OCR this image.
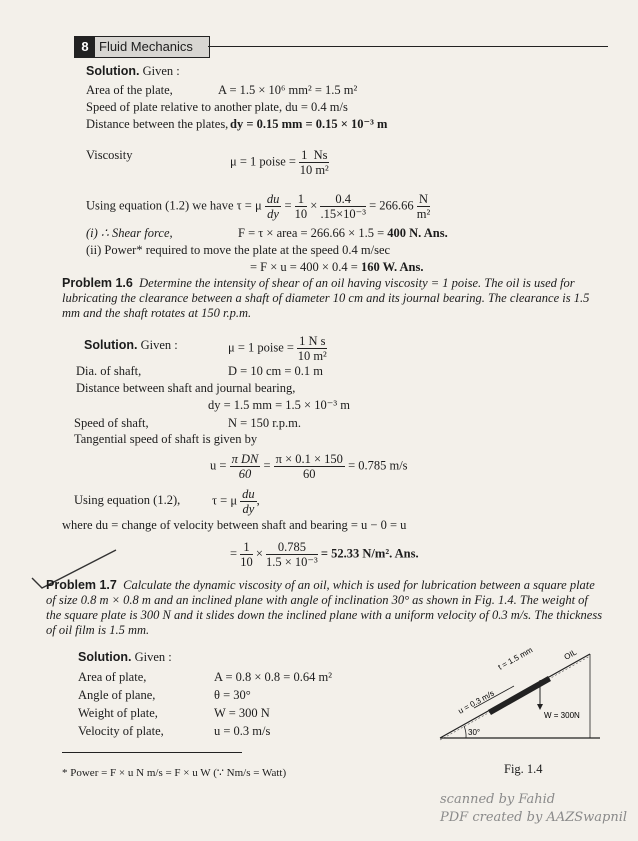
8 Fluid Mechanics
Solution. Given :
Area of the plate,	A = 1.5 × 10⁶ mm² = 1.5 m²
Speed of plate relative to another plate, du = 0.4 m/s
Distance between the plates, dy = 0.15 mm = 0.15 × 10⁻³ m
Viscosity	μ = 1 poise = $\frac{1 Ns}{\text{10 m²}}$
Using equation (1.2) we have τ = μ $\frac{du}{dy} = \frac{1}{10} \times \frac{0.4}{\text{.15×10⁻³}} = 266.66 \frac{N}{\text{m²}}$
(i) ∴ Shear force,	F = τ × area = 266.66 × 1.5 = 400 N. Ans.
(ii) Power* required to move the plate at the speed 0.4 m/sec
= F × u = 400 × 0.4 = 160 W. Ans.
Problem 1.6 Determine the intensity of shear of an oil having viscosity = 1 poise. The oil is used for lubricating the clearance between a shaft of diameter 10 cm and its journal bearing. The clearance is 1.5 mm and the shaft rotates at 150 r.p.m.
Solution. Given :	μ = 1 poise = $\frac{\text{1 N s}}{\text{10 m²}}$
Dia. of shaft,	D = 10 cm = 0.1 m
Distance between shaft and journal bearing,
dy = 1.5 mm = 1.5 × 10⁻³ m
Speed of shaft,	N = 150 r.p.m.
Tangential speed of shaft is given by
$u = \frac{\text{π DN}}{60} = \frac{\pi \times 0.1 \times 150}{60} = 0.785$ m/s
Using equation (1.2),	τ = μ $\frac{du}{dy}$ ,
where du = change of velocity between shaft and bearing = u − 0 = u
= $\frac{1}{10} \times \frac{0.785}{\text{1.5 × 10⁻³}} = 52.33$ N/m². Ans.
Problem 1.7 Calculate the dynamic viscosity of an oil, which is used for lubrication between a square plate of size 0.8 m × 0.8 m and an inclined plane with angle of inclination 30° as shown in Fig. 1.4. The weight of the square plate is 300 N and it slides down the inclined plane with a uniform velocity of 0.3 m/s. The thickness of oil film is 1.5 mm.
Solution. Given :
Area of plate,	A = 0.8 × 0.8 = 0.64 m²
Angle of plane,	θ = 30°
Weight of plate,	W = 300 N
Velocity of plate,	u = 0.3 m/s
t = 1.5 mm	OIL
u = 0.3 m/s	W = 300N
30°
Fig. 1.4
* Power = F × u N m/s = F × u W (∵ Nm/s = Watt)
scanned by Fahid
PDF created by AAZSwapnil
